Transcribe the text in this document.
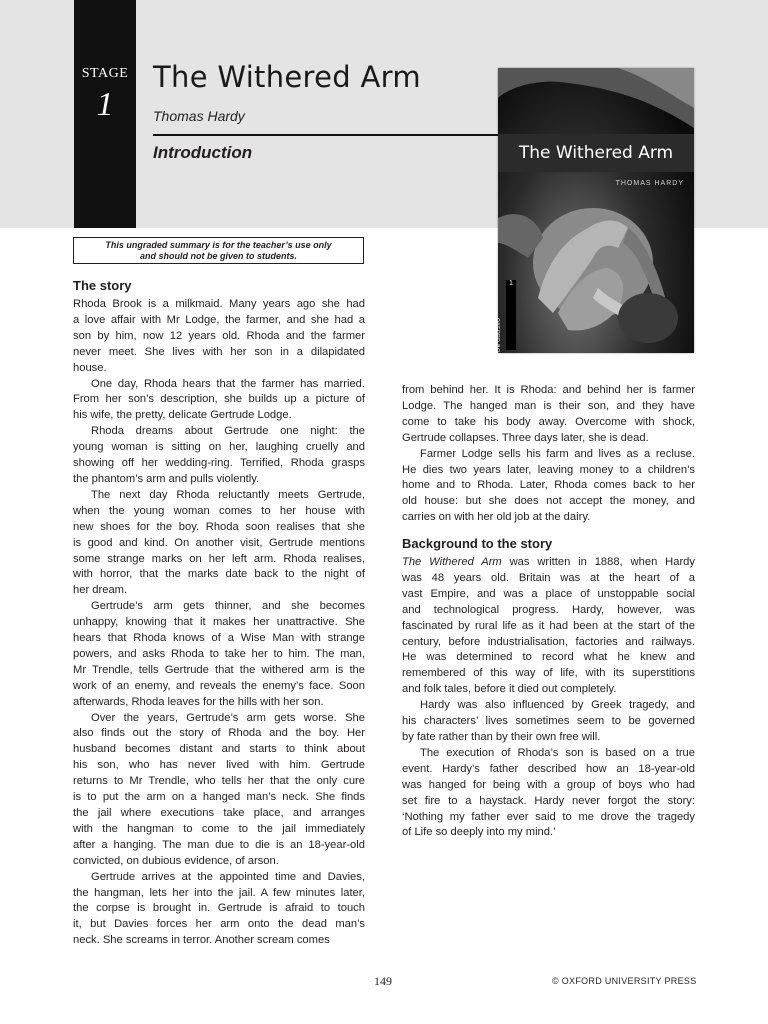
STAGE
1
The Withered Arm
Thomas Hardy
Introduction	The Withered Arm
THOMAS HARDY
1
OXFORD BOOKWORMS
This ungraded summary is for the teacher’s use only
and should not be given to students.
The story
Rhoda Brook is a milkmaid. Many years ago she had
a love affair with Mr Lodge, the farmer, and she had a
son by him, now 12 years old. Rhoda and the farmer
never meet. She lives with her son in a dilapidated
house.
One day, Rhoda hears that the farmer has married.
From her son’s description, she builds up a picture of
his wife, the pretty, delicate Gertrude Lodge.
Rhoda dreams about Gertrude one night: the
young woman is sitting on her, laughing cruelly and
showing off her wedding-ring. Terrified, Rhoda grasps
the phantom’s arm and pulls violently.
The next day Rhoda reluctantly meets Gertrude,
when the young woman comes to her house with
new shoes for the boy. Rhoda soon realises that she
is good and kind. On another visit, Gertrude mentions
some strange marks on her left arm. Rhoda realises,
with horror, that the marks date back to the night of
her dream.
Gertrude’s arm gets thinner, and she becomes
unhappy, knowing that it makes her unattractive. She
hears that Rhoda knows of a Wise Man with strange
powers, and asks Rhoda to take her to him. The man,
Mr Trendle, tells Gertrude that the withered arm is the
work of an enemy, and reveals the enemy’s face. Soon
afterwards, Rhoda leaves for the hills with her son.
Over the years, Gertrude’s arm gets worse. She
also finds out the story of Rhoda and the boy. Her
husband becomes distant and starts to think about
his son, who has never lived with him. Gertrude
returns to Mr Trendle, who tells her that the only cure
is to put the arm on a hanged man’s neck. She finds
the jail where executions take place, and arranges
with the hangman to come to the jail immediately
after a hanging. The man due to die is an 18-year-old
convicted, on dubious evidence, of arson.
Gertrude arrives at the appointed time and Davies,
the hangman, lets her into the jail. A few minutes later,
the corpse is brought in. Gertrude is afraid to touch
it, but Davies forces her arm onto the dead man’s
neck. She screams in terror. Another scream comes
from behind her. It is Rhoda: and behind her is farmer
Lodge. The hanged man is their son, and they have
come to take his body away. Overcome with shock,
Gertrude collapses. Three days later, she is dead.
Farmer Lodge sells his farm and lives as a recluse.
He dies two years later, leaving money to a children’s
home and to Rhoda. Later, Rhoda comes back to her
old house: but she does not accept the money, and
carries on with her old job at the dairy.
Background to the story
The Withered Arm was written in 1888, when Hardy
was 48 years old. Britain was at the heart of a
vast Empire, and was a place of unstoppable social
and technological progress. Hardy, however, was
fascinated by rural life as it had been at the start of the
century, before industrialisation, factories and railways.
He was determined to record what he knew and
remembered of this way of life, with its superstitions
and folk tales, before it died out completely.
Hardy was also influenced by Greek tragedy, and
his characters’ lives sometimes seem to be governed
by fate rather than by their own free will.
The execution of Rhoda’s son is based on a true
event. Hardy’s father described how an 18-year-old
was hanged for being with a group of boys who had
set fire to a haystack. Hardy never forgot the story:
‘Nothing my father ever said to me drove the tragedy
of Life so deeply into my mind.’
149	© OXFORD UNIVERSITY PRESS
